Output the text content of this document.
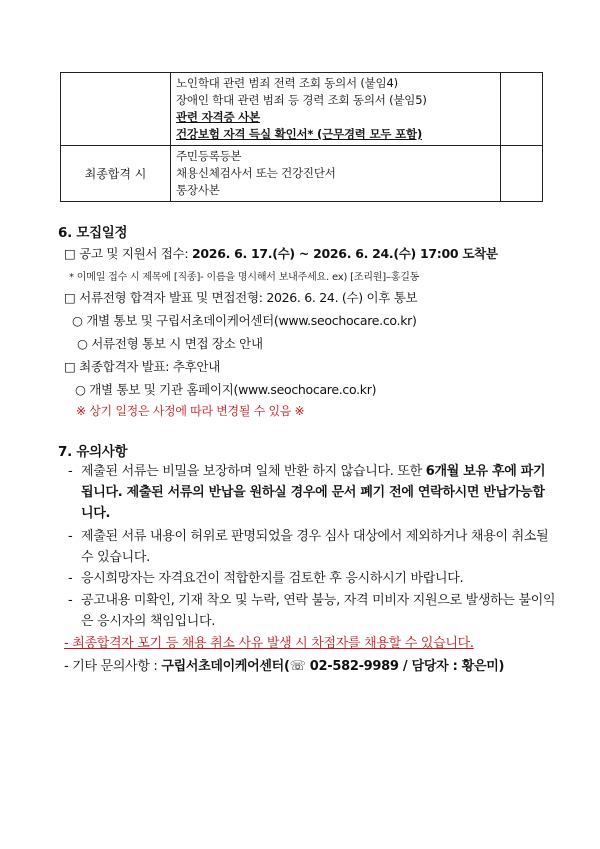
	노인학대 관련 범죄 전력 조회 동의서 (붙임4)
장애인 학대 관련 범죄 등 경력 조회 동의서 (붙임5)
관련 자격증 사본
건강보험 자격 득실 확인서* (근무경력 모두 포함)	

최종합격 시	주민등록등본
채용신체검사서 또는 건강진단서
통장사본	

6. 모집일정
□ 공고 및 지원서 접수: 2026. 6. 17.(수) ~ 2026. 6. 24.(수) 17:00 도착분
* 이메일 접수 시 제목에 [직종]- 이름을 명시해서 보내주세요. ex) [조리원]–홍길동
□ 서류전형 합격자 발표 및 면접전형: 2026. 6. 24. (수) 이후 통보
○ 개별 통보 및 구립서초데이케어센터(www.seochocare.co.kr)
○ 서류전형 통보 시 면접 장소 안내
□ 최종합격자 발표: 추후안내
○ 개별 통보 및 기관 홈페이지(www.seochocare.co.kr)
※ 상기 일정은 사정에 따라 변경될 수 있음 ※
7. 유의사항
- 제출된 서류는 비밀을 보장하며 일체 반환 하지 않습니다. 또한 6개월 보유 후에 파기됩니다. 제출된 서류의 반납을 원하실 경우에 문서 폐기 전에 연락하시면 반납가능합니다.
- 제출된 서류 내용이 허위로 판명되었을 경우 심사 대상에서 제외하거나 채용이 취소될 수 있습니다.
- 응시희망자는 자격요건이 적합한지를 검토한 후 응시하시기 바랍니다.
- 공고내용 미확인, 기재 착오 및 누락, 연락 불능, 자격 미비자 지원으로 발생하는 불이익은 응시자의 책임입니다.
- 최종합격자 포기 등 채용 취소 사유 발생 시 차점자를 채용할 수 있습니다.
- 기타 문의사항 : 구립서초데이케어센터(☏ 02-582-9989 / 담당자 : 황은미)
